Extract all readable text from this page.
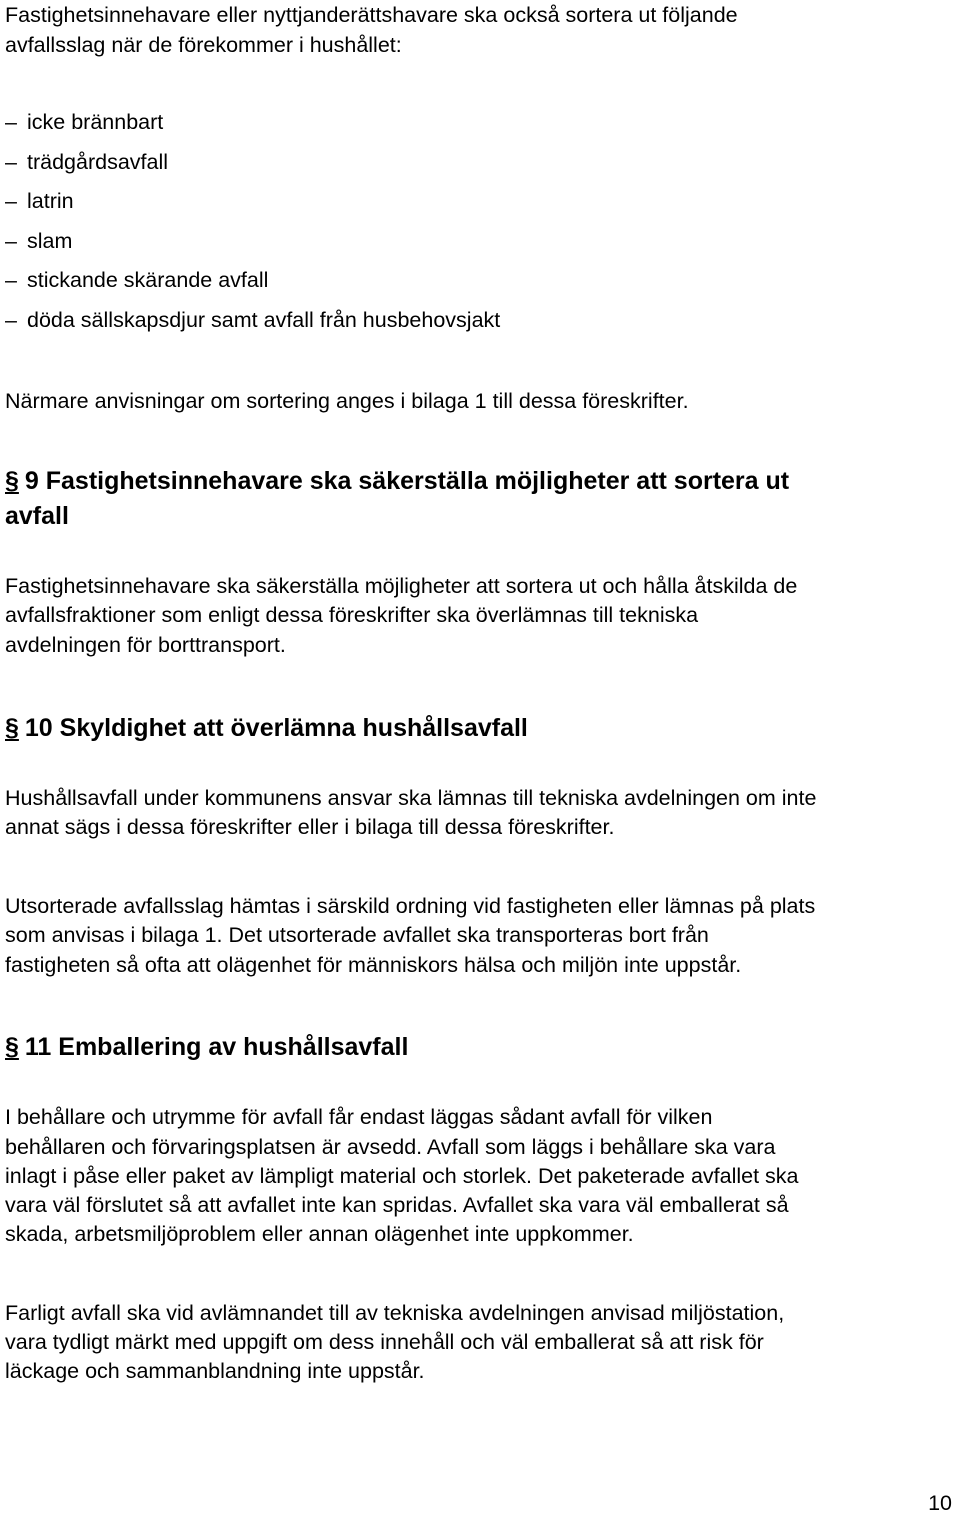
Fastighetsinnehavare eller nyttjanderättshavare ska också sortera ut följande
avfallsslag när de förekommer i hushållet:
– icke brännbart
– trädgårdsavfall
– latrin
– slam
– stickande skärande avfall
– döda sällskapsdjur samt avfall från husbehovsjakt
Närmare anvisningar om sortering anges i bilaga 1 till dessa föreskrifter.
§ 9 Fastighetsinnehavare ska säkerställa möjligheter att sortera ut
avfall
Fastighetsinnehavare ska säkerställa möjligheter att sortera ut och hålla åtskilda de
avfallsfraktioner som enligt dessa föreskrifter ska överlämnas till tekniska
avdelningen för borttransport.
§ 10 Skyldighet att överlämna hushållsavfall
Hushållsavfall under kommunens ansvar ska lämnas till tekniska avdelningen om inte
annat sägs i dessa föreskrifter eller i bilaga till dessa föreskrifter.
Utsorterade avfallsslag hämtas i särskild ordning vid fastigheten eller lämnas på plats
som anvisas i bilaga 1. Det utsorterade avfallet ska transporteras bort från
fastigheten så ofta att olägenhet för människors hälsa och miljön inte uppstår.
§ 11 Emballering av hushållsavfall
I behållare och utrymme för avfall får endast läggas sådant avfall för vilken
behållaren och förvaringsplatsen är avsedd. Avfall som läggs i behållare ska vara
inlagt i påse eller paket av lämpligt material och storlek. Det paketerade avfallet ska
vara väl förslutet så att avfallet inte kan spridas. Avfallet ska vara väl emballerat så
skada, arbetsmiljöproblem eller annan olägenhet inte uppkommer.
Farligt avfall ska vid avlämnandet till av tekniska avdelningen anvisad miljöstation,
vara tydligt märkt med uppgift om dess innehåll och väl emballerat så att risk för
läckage och sammanblandning inte uppstår.
10
